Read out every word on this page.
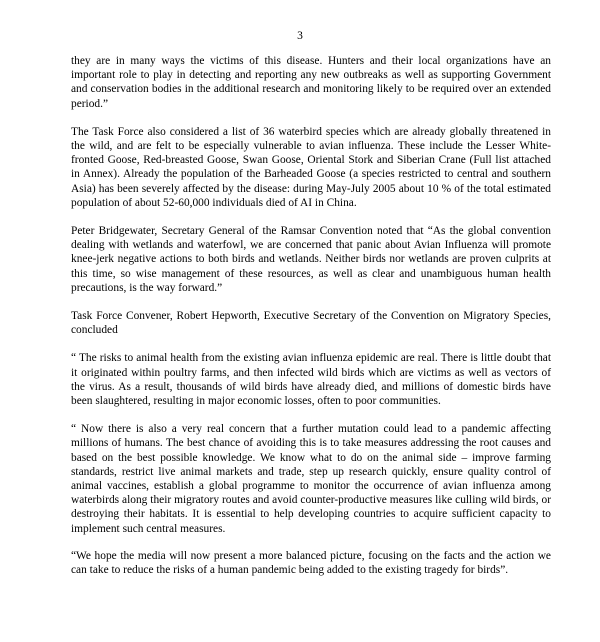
3

they are in many ways the victims of this disease. Hunters and their local organizations have an important role to play in detecting and reporting any new outbreaks as well as supporting Government and conservation bodies in the additional research and monitoring likely to be required over an extended period.”

The Task Force also considered a list of 36 waterbird species which are already globally threatened in the wild, and are felt to be especially vulnerable to avian influenza. These include the Lesser White-fronted Goose, Red-breasted Goose, Swan Goose, Oriental Stork and Siberian Crane (Full list attached in Annex). Already the population of the Barheaded Goose (a species restricted to central and southern Asia) has been severely affected by the disease: during May-July 2005 about 10 % of the total estimated population of about 52-60,000 individuals died of AI in China.

Peter Bridgewater, Secretary General of the Ramsar Convention noted that “As the global convention dealing with wetlands and waterfowl, we are concerned that panic about Avian Influenza will promote knee-jerk negative actions to both birds and wetlands. Neither birds nor wetlands are proven culprits at this time, so wise management of these resources, as well as clear and unambiguous human health precautions, is the way forward.”

Task Force Convener, Robert Hepworth, Executive Secretary of the Convention on Migratory Species, concluded

“ The risks to animal health from the existing avian influenza epidemic are real. There is little doubt that it originated within poultry farms, and then infected wild birds which are victims as well as vectors of the virus. As a result, thousands of wild birds have already died, and millions of domestic birds have been slaughtered, resulting in major economic losses, often to poor communities.

“ Now there is also a very real concern that a further mutation could lead to a pandemic affecting millions of humans. The best chance of avoiding this is to take measures addressing the root causes and based on the best possible knowledge. We know what to do on the animal side – improve farming standards, restrict live animal markets and trade, step up research quickly, ensure quality control of animal vaccines, establish a global programme to monitor the occurrence of avian influenza among waterbirds along their migratory routes and avoid counter-productive measures like culling wild birds, or destroying their habitats. It is essential to help developing countries to acquire sufficient capacity to implement such central measures.

“We hope the media will now present a more balanced picture, focusing on the facts and the action we can take to reduce the risks of a human pandemic being added to the existing tragedy for birds”.
